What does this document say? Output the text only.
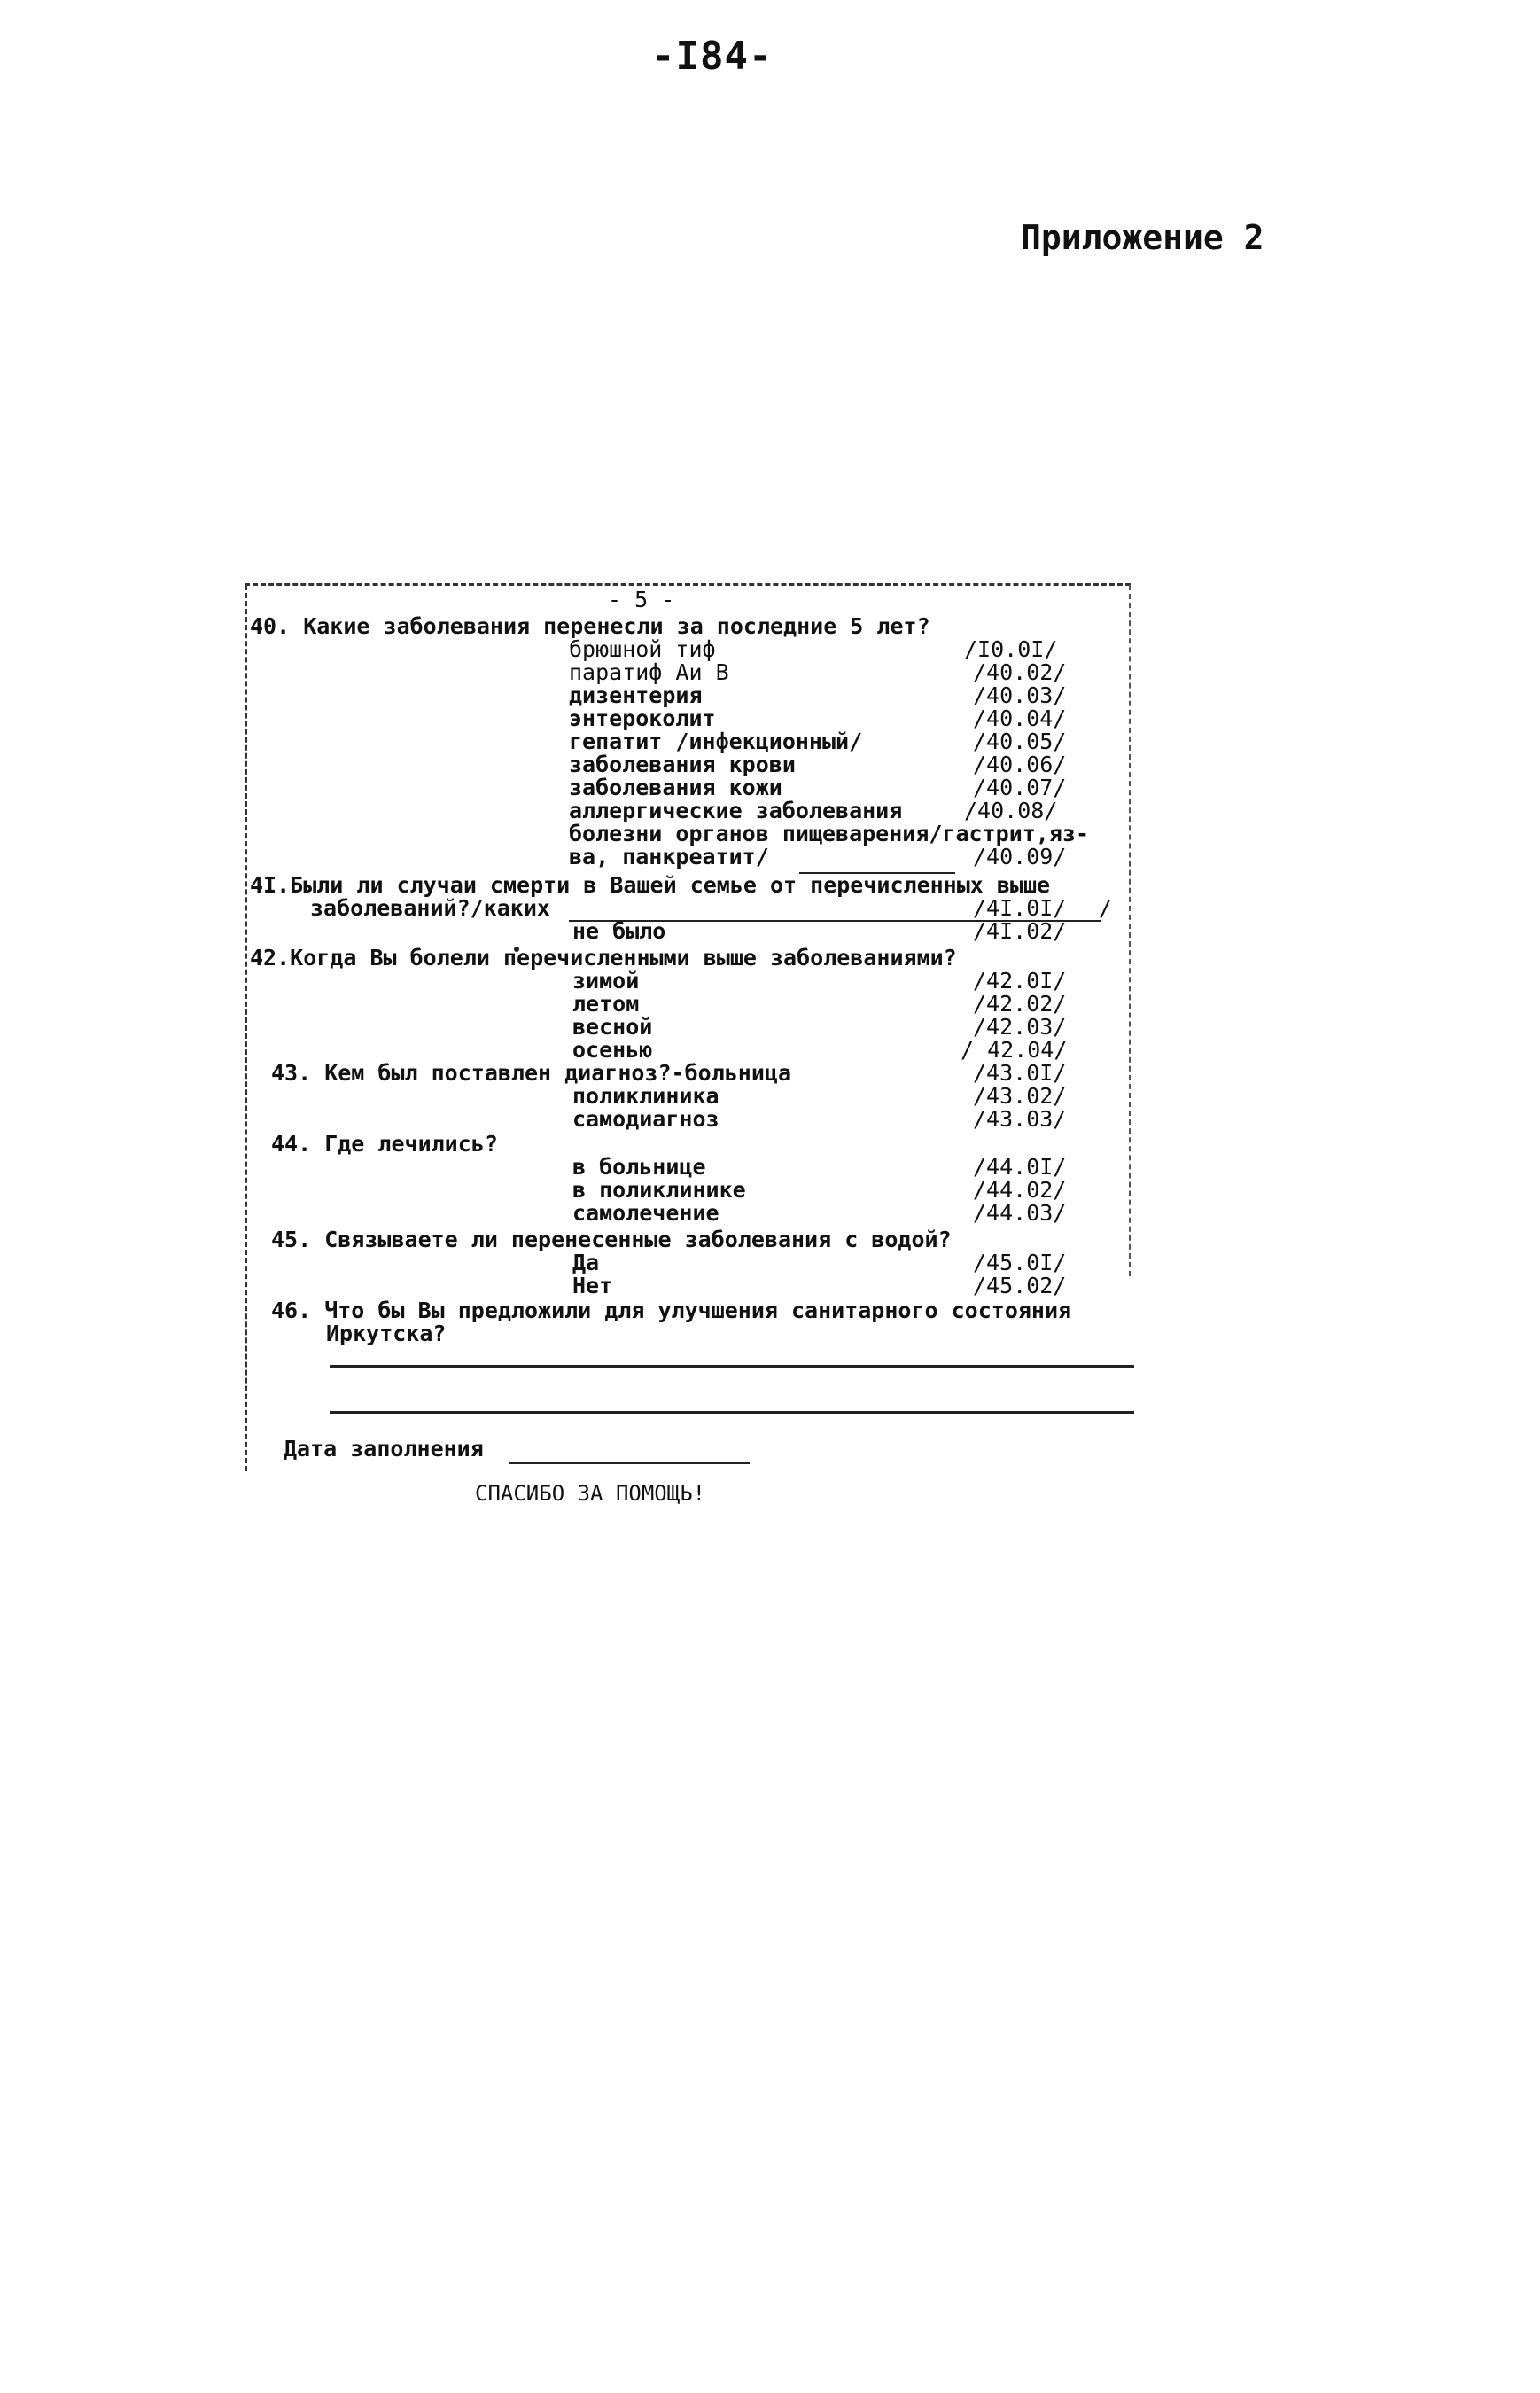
-I84-
Приложение 2
- 5 -
40. Какие заболевания перенесли за последние 5 лет?
брюшной тиф	/I0.0I/
паратиф Аи В	/40.02/
дизентерия	/40.03/
энтероколит	/40.04/
гепатит /инфекционный/	/40.05/
заболевания крови	/40.06/
заболевания кожи	/40.07/
аллергические заболевания	/40.08/
болезни органов пищеварения/гастрит,яз-
ва, панкреатит/	/40.09/
4I.Были ли случаи смерти в Вашей семье от перечисленных выше
заболеваний?/каких	/4I.0I/ /
не было	/4I.02/
42.Когда Вы болели перечисленными выше заболеваниями?
зимой	/42.0I/
летом	/42.02/
весной	/42.03/
осенью	/ 42.04/
43. Кем был поставлен диагноз?-больница	/43.0I/
поликлиника	/43.02/
самодиагноз	/43.03/
44. Где лечились?
в больнице	/44.0I/
в поликлинике	/44.02/
самолечение	/44.03/
45. Связываете ли перенесенные заболевания с водой?
Да	/45.0I/
Нет	/45.02/
46. Что бы Вы предложили для улучшения санитарного состояния
Иркутска?
Дата заполнения
СПАСИБО ЗА ПОМОЩЬ!
